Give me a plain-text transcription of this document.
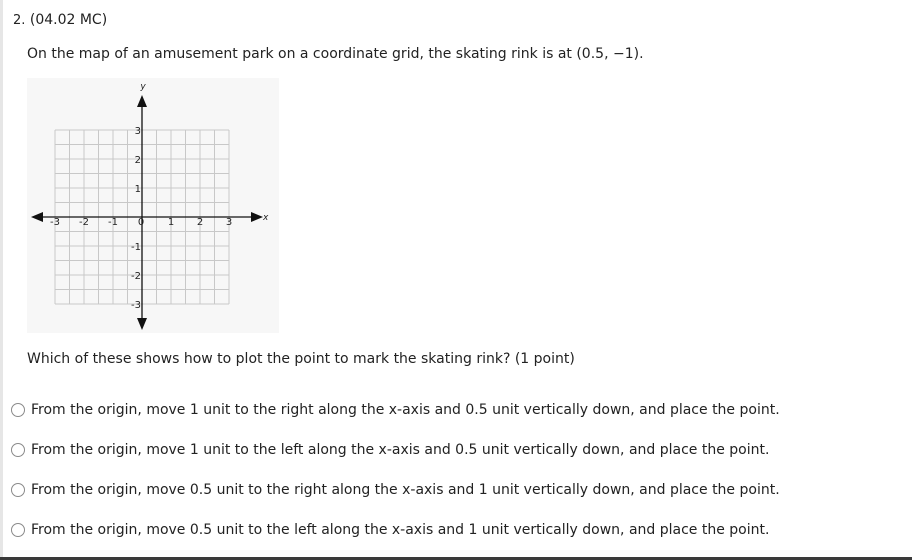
2. (04.02 MC)
On the map of an amusement park on a coordinate grid, the skating rink is at (0.5, −1).
x
y
-3 -2 -1 0 1 2 3
3
2
1
-1
-2
-3
Which of these shows how to plot the point to mark the skating rink? (1 point)
From the origin, move 1 unit to the right along the x-axis and 0.5 unit vertically down, and place the point.
From the origin, move 1 unit to the left along the x-axis and 0.5 unit vertically down, and place the point.
From the origin, move 0.5 unit to the right along the x-axis and 1 unit vertically down, and place the point.
From the origin, move 0.5 unit to the left along the x-axis and 1 unit vertically down, and place the point.
